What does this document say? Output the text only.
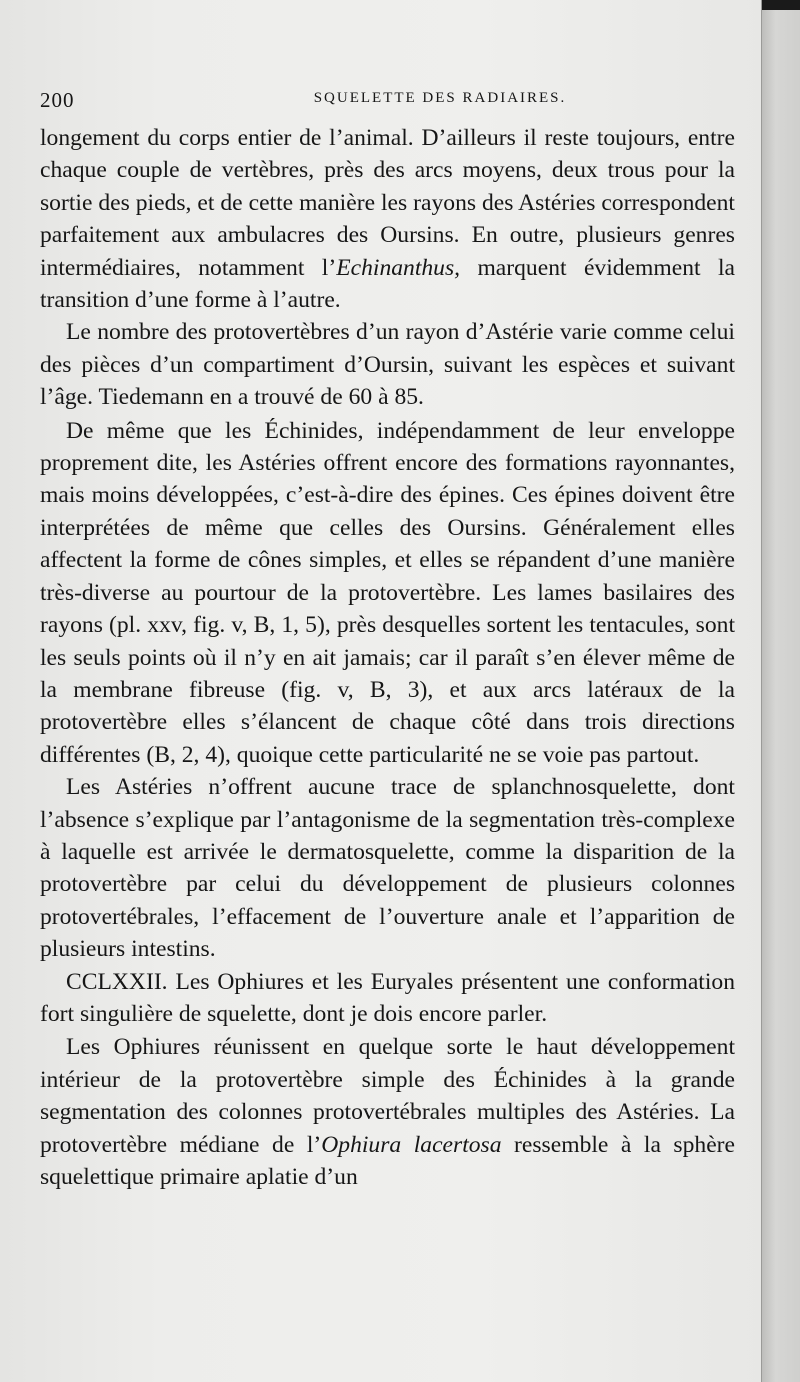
200	SQUELETTE DES RADIAIRES.

longement du corps entier de l’animal. D’ailleurs il reste toujours, entre chaque couple de vertèbres, près des arcs moyens, deux trous pour la sortie des pieds, et de cette manière les rayons des Astéries correspondent parfaitement aux ambulacres des Oursins. En outre, plusieurs genres intermédiaires, notamment l’Echinanthus, marquent évidemment la transition d’une forme à l’autre.

Le nombre des protovertèbres d’un rayon d’Astérie varie comme celui des pièces d’un compartiment d’Oursin, suivant les espèces et suivant l’âge. Tiedemann en a trouvé de 60 à 85.

De même que les Échinides, indépendamment de leur enveloppe proprement dite, les Astéries offrent encore des formations rayonnantes, mais moins développées, c’est-à-dire des épines. Ces épines doivent être interprétées de même que celles des Oursins. Généralement elles affectent la forme de cônes simples, et elles se répandent d’une manière très-diverse au pourtour de la protovertèbre. Les lames basilaires des rayons (pl. xxv, fig. v, B, 1, 5), près desquelles sortent les tentacules, sont les seuls points où il n’y en ait jamais; car il paraît s’en élever même de la membrane fibreuse (fig. v, B, 3), et aux arcs latéraux de la protovertèbre elles s’élancent de chaque côté dans trois directions différentes (B, 2, 4), quoique cette particularité ne se voie pas partout.

Les Astéries n’offrent aucune trace de splanchnosquelette, dont l’absence s’explique par l’antagonisme de la segmentation très-complexe à laquelle est arrivée le dermatosquelette, comme la disparition de la protovertèbre par celui du développement de plusieurs colonnes protovertébrales, l’effacement de l’ouverture anale et l’apparition de plusieurs intestins.

CCLXXII. Les Ophiures et les Euryales présentent une conformation fort singulière de squelette, dont je dois encore parler.

Les Ophiures réunissent en quelque sorte le haut développement intérieur de la protovertèbre simple des Échinides à la grande segmentation des colonnes protovertébrales multiples des Astéries. La protovertèbre médiane de l’Ophiura lacertosa ressemble à la sphère squelettique primaire aplatie d’un
